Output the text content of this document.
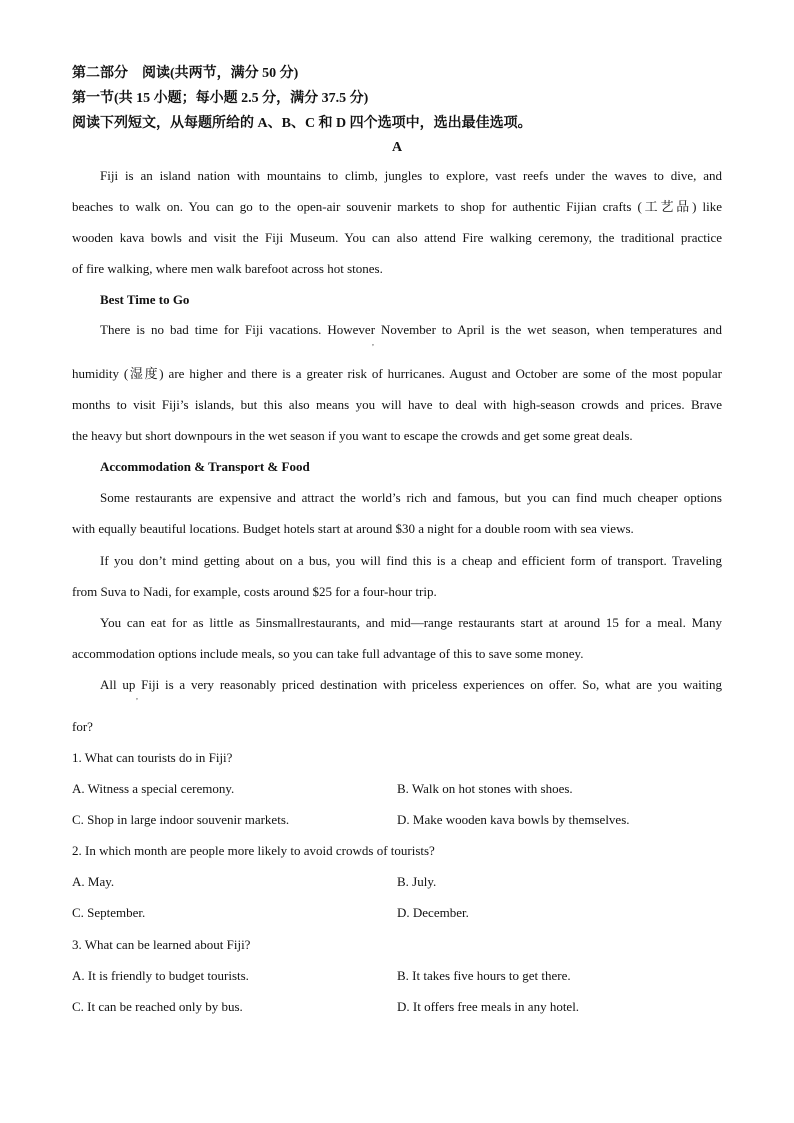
第二部分　阅读(共两节，满分 50 分)
第一节(共 15 小题；每小题 2.5 分，满分 37.5 分)
阅读下列短文，从每题所给的 A、B、C 和 D 四个选项中，选出最佳选项。
A
Fiji is an island nation with mountains to climb, jungles to explore, vast reefs under the waves to dive, and
beaches to walk on. You can go to the open-air souvenir markets to shop for authentic Fijian crafts (工艺品) like
wooden kava bowls and visit the Fiji Museum. You can also attend Fire walking ceremony, the traditional practice
of fire walking, where men walk barefoot across hot stones.
Best Time to Go
There is no bad time for Fiji vacations. However November to April is the wet season, when temperatures and
,
humidity (湿度) are higher and there is a greater risk of hurricanes. August and October are some of the most popular
months to visit Fiji’s islands, but this also means you will have to deal with high-season crowds and prices. Brave
the heavy but short downpours in the wet season if you want to escape the crowds and get some great deals.
Accommodation & Transport & Food
Some restaurants are expensive and attract the world’s rich and famous, but you can find much cheaper options
with equally beautiful locations. Budget hotels start at around $30 a night for a double room with sea views.
If you don’t mind getting about on a bus, you will find this is a cheap and efficient form of transport. Traveling
from Suva to Nadi, for example, costs around $25 for a four-hour trip.
You can eat for as little as 5insmallrestaurants, and mid—range restaurants start at around 15 for a meal. Many
accommodation options include meals, so you can take full advantage of this to save some money.
All up Fiji is a very reasonably priced destination with priceless experiences on offer. So, what are you waiting
,
for?
1. What can tourists do in Fiji?
A. Witness a special ceremony.	B. Walk on hot stones with shoes.
C. Shop in large indoor souvenir markets.	D. Make wooden kava bowls by themselves.
2. In which month are people more likely to avoid crowds of tourists?
A. May.	B. July.
C. September.	D. December.
3. What can be learned about Fiji?
A. It is friendly to budget tourists.	B. It takes five hours to get there.
C. It can be reached only by bus.	D. It offers free meals in any hotel.
